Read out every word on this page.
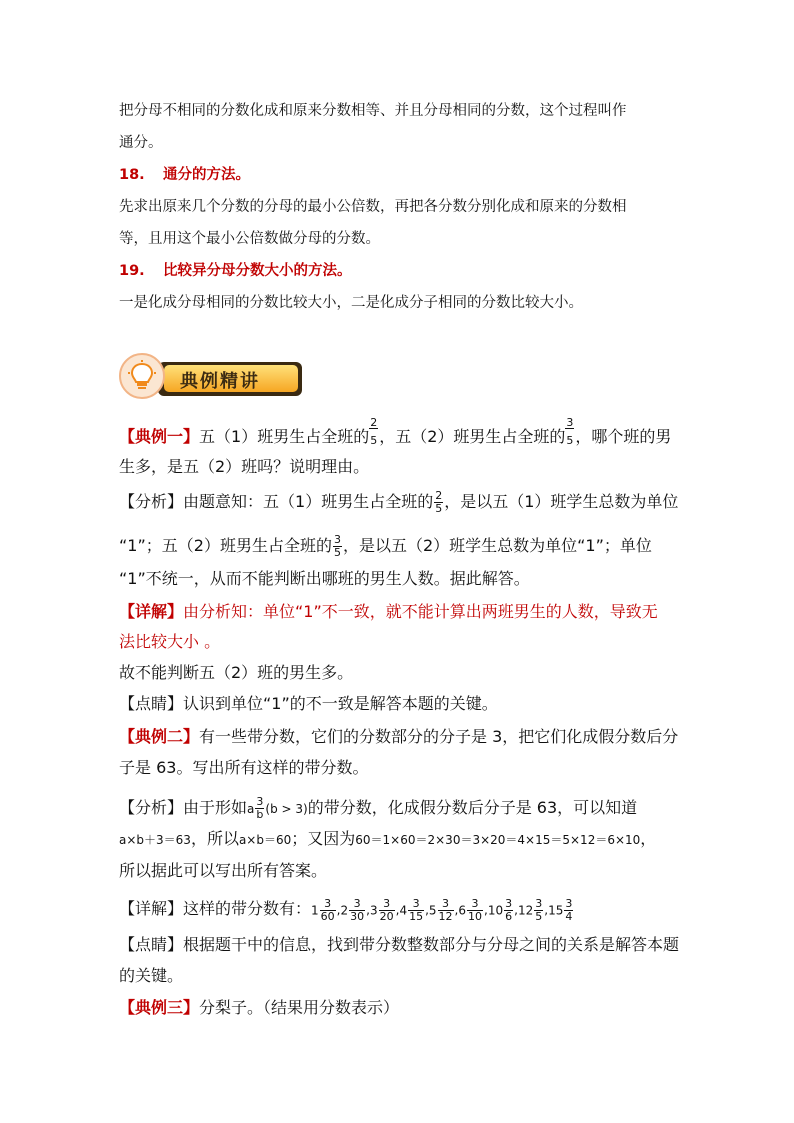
把分母不相同的分数化成和原来分数相等、并且分母相同的分数，这个过程叫作
通分。
18. 通分的方法。
先求出原来几个分数的分母的最小公倍数，再把各分数分别化成和原来的分数相
等，且用这个最小公倍数做分母的分数。
19. 比较异分母分数大小的方法。
一是化成分母相同的分数比较大小，二是化成分子相同的分数比较大小。
典例精讲
【典例一】五（1）班男生占全班的 $\frac{2}{5}$ ，五（2）班男生占全班的 $\frac{3}{5}$ ，哪个班的男
生多，是五（2）班吗？说明理由。
【分析】由题意知：五（1）班男生占全班的 $\frac{2}{5}$ ，是以五（1）班学生总数为单位
“1”；五（2）班男生占全班的 $\frac{3}{5}$ ，是以五（2）班学生总数为单位“1”；单位
“1”不统一，从而不能判断出哪班的男生人数。据此解答。
【详解】由分析知：单位“1”不一致，就不能计算出两班男生的人数，导致无
法比较大小 。
故不能判断五（2）班的男生多。
【点睛】认识到单位“1”的不一致是解答本题的关键。
【典例二】有一些带分数，它们的分数部分的分子是 3，把它们化成假分数后分
子是 63。写出所有这样的带分数。
【分析】由于形如a $\frac{3}{b} (b > 3)$的带分数，化成假分数后分子是 63，可以知道
a×b＋3＝63，所以a×b＝60；又因为60＝1×60＝2×30＝3×20＝4×15＝5×12＝6×10，
所以据此可以写出所有答案。
【详解】这样的带分数有：$1 \frac{3}{60} ,2 \frac{3}{30} ,3 \frac{3}{20} ,4 \frac{3}{15} ,5 \frac{3}{12} ,6 \frac{3}{10} ,10 \frac{3}{6} ,12 \frac{3}{5} ,15 \frac{3}{4}$
【点睛】根据题干中的信息，找到带分数整数部分与分母之间的关系是解答本题
的关键。
【典例三】分梨子。（结果用分数表示）
